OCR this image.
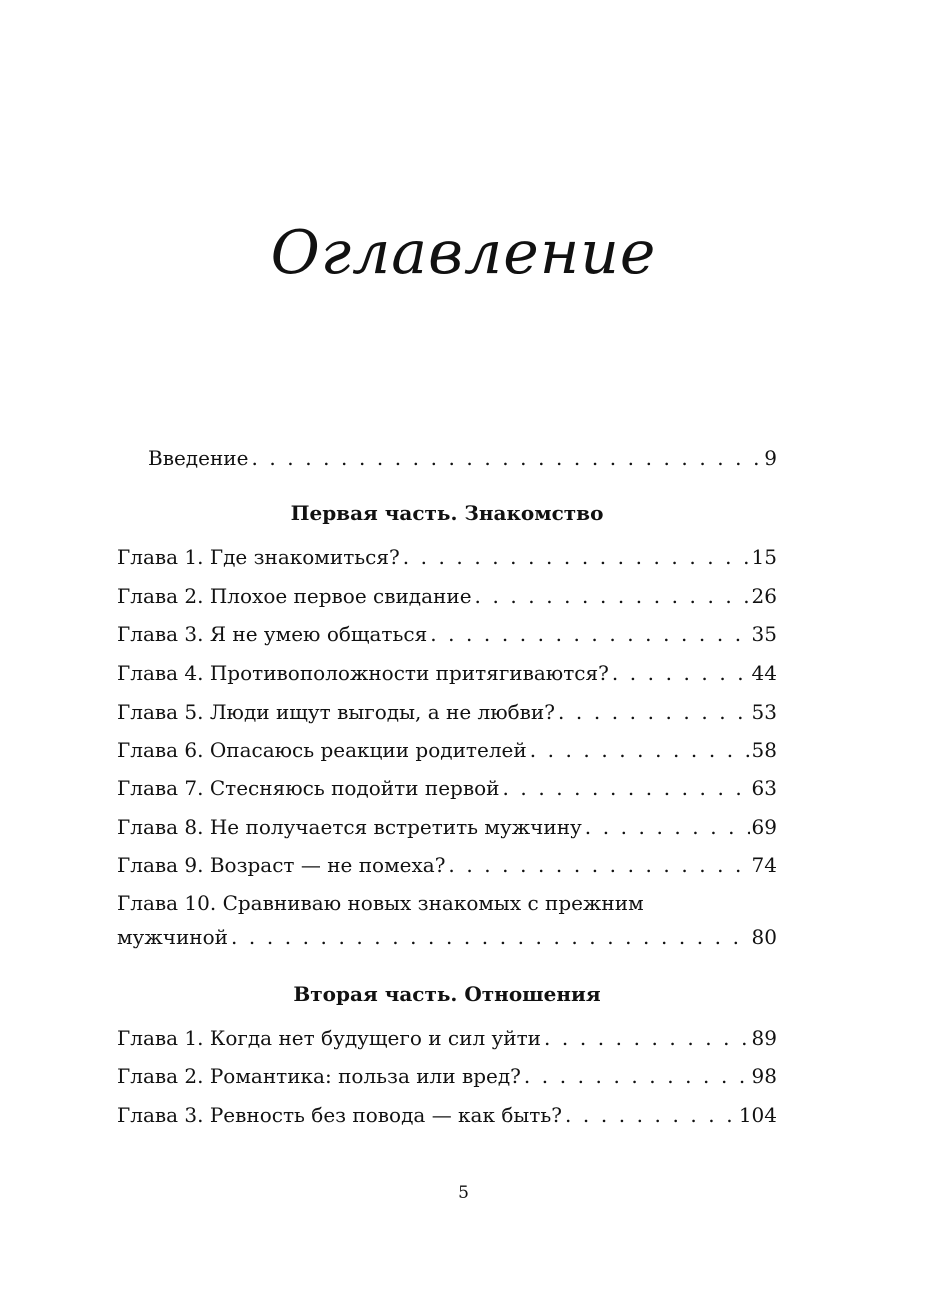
Оглавление
Введение . . .	9
Первая часть. Знакомство
Глава 1. Где знакомиться? . . .	15
Глава 2. Плохое первое свидание . . .	26
Глава 3. Я не умею общаться . . .	35
Глава 4. Противоположности притягиваются? . . .	44
Глава 5. Люди ищут выгоды, а не любви? . . .	53
Глава 6. Опасаюсь реакции родителей . . .	58
Глава 7. Стесняюсь подойти первой . . .	63
Глава 8. Не получается встретить мужчину . . .	69
Глава 9. Возраст — не помеха? . . .	74
Глава 10. Сравниваю новых знакомых с прежним
мужчиной . . .	80
Вторая часть. Отношения
Глава 1. Когда нет будущего и сил уйти . . .	89
Глава 2. Романтика: польза или вред? . . .	98
Глава 3. Ревность без повода — как быть? . . .	104
5
